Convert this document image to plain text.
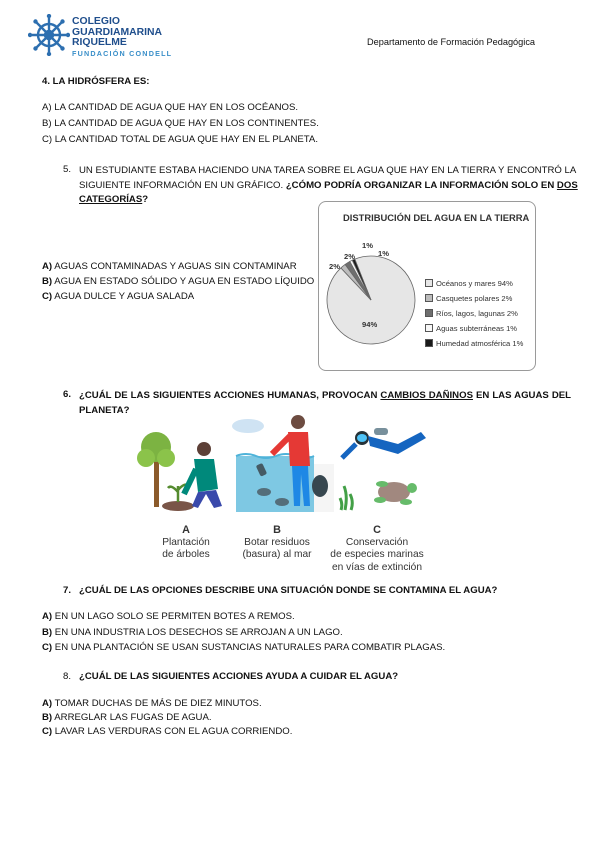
COLEGIO
GUARDIAMARINA
RIQUELME
FUNDACIÓN CONDELL
Departamento de Formación Pedagógica
4. LA HIDRÓSFERA ES:
A) LA CANTIDAD DE AGUA QUE HAY EN LOS OCÉANOS.
B) LA CANTIDAD DE AGUA QUE HAY EN LOS CONTINENTES.
C) LA CANTIDAD TOTAL DE AGUA QUE HAY EN EL PLANETA.
5. UN ESTUDIANTE ESTABA HACIENDO UNA TAREA SOBRE EL AGUA QUE HAY EN LA TIERRA Y ENCONTRÓ LA
SIGUIENTE INFORMACIÓN EN UN GRÁFICO. ¿CÓMO PODRÍA ORGANIZAR LA INFORMACIÓN SOLO EN DOS
CATEGORÍAS?
A) AGUAS CONTAMINADAS Y AGUAS SIN CONTAMINAR
B) AGUA EN ESTADO SÓLIDO Y AGUA EN ESTADO LÍQUIDO
C) AGUA DULCE Y AGUA SALADA
DISTRIBUCIÓN DEL AGUA EN LA TIERRA
94%
2%
2%
1%
1%
Océanos y mares 94%
Casquetes polares 2%
Ríos, lagos, lagunas 2%
Aguas subterráneas 1%
Humedad atmosférica 1%
6. ¿CUÁL DE LAS SIGUIENTES ACCIONES HUMANAS, PROVOCAN CAMBIOS DAÑINOS EN LAS AGUAS DEL
PLANETA?
A
Plantación
de árboles
B
Botar residuos
(basura) al mar
C
Conservación
de especies marinas
en vías de extinción
7. ¿CUÁL DE LAS OPCIONES DESCRIBE UNA SITUACIÓN DONDE SE CONTAMINA EL AGUA?
A) EN UN LAGO SOLO SE PERMITEN BOTES A REMOS.
B) EN UNA INDUSTRIA LOS DESECHOS SE ARROJAN A UN LAGO.
C) EN UNA PLANTACIÓN SE USAN SUSTANCIAS NATURALES PARA COMBATIR PLAGAS.
8. ¿CUÁL DE LAS SIGUIENTES ACCIONES AYUDA A CUIDAR EL AGUA?
A) TOMAR DUCHAS DE MÁS DE DIEZ MINUTOS.
B) ARREGLAR LAS FUGAS DE AGUA.
C) LAVAR LAS VERDURAS CON EL AGUA CORRIENDO.
